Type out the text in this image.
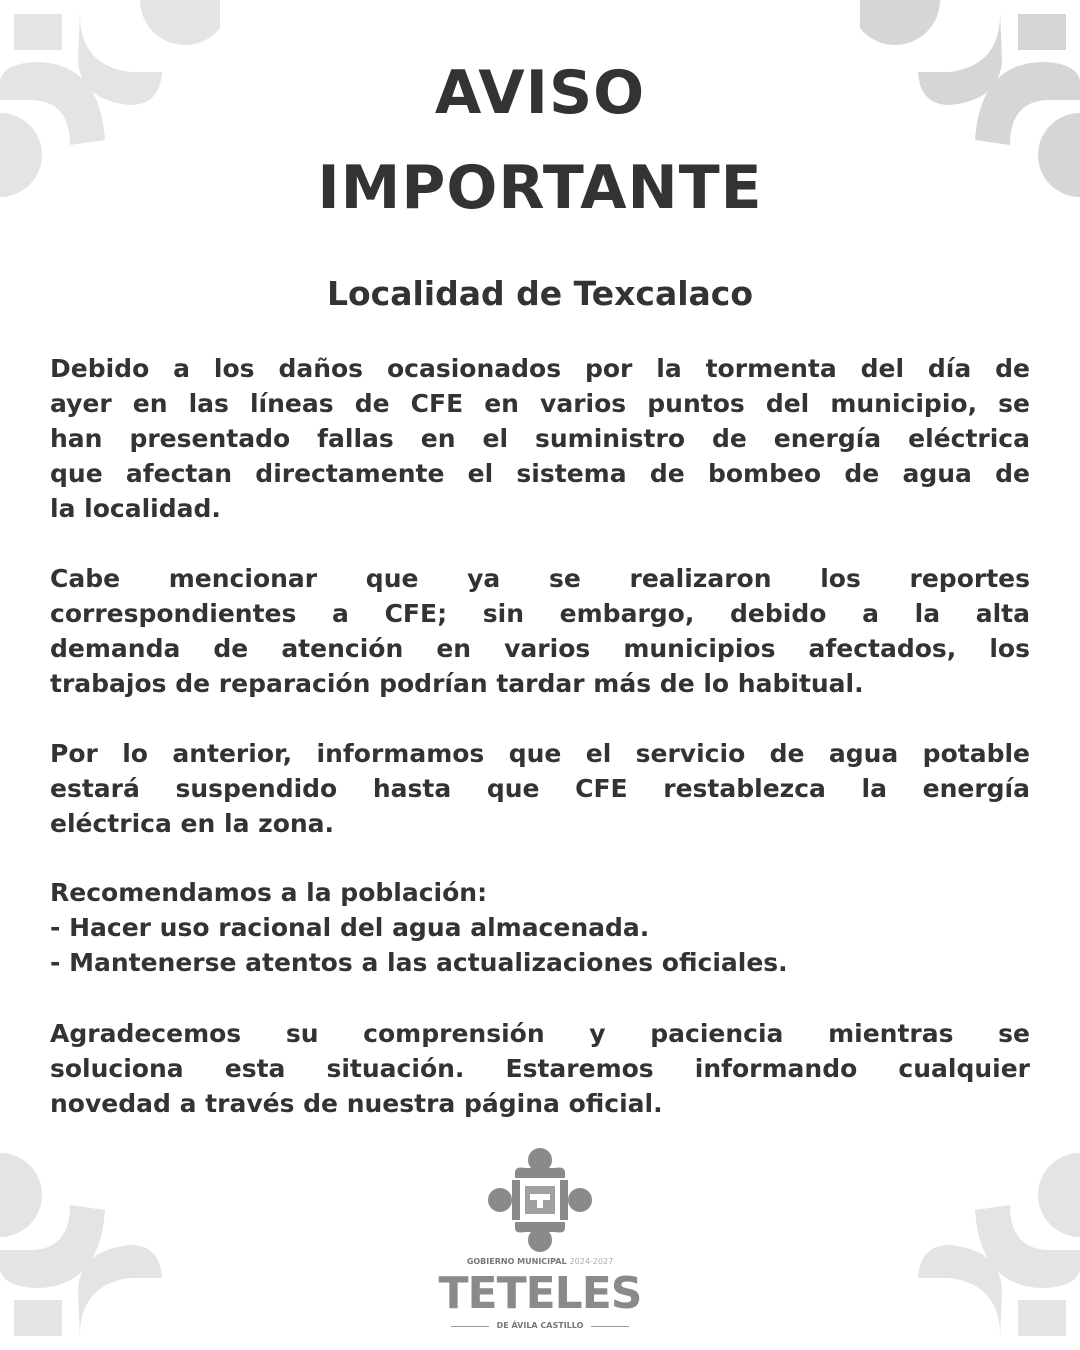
AVISO
IMPORTANTE
Localidad de Texcalaco
Debido a los daños ocasionados por la tormenta del día de
ayer en las líneas de CFE en varios puntos del municipio, se
han presentado fallas en el suministro de energía eléctrica
que afectan directamente el sistema de bombeo de agua de
la localidad.
Cabe mencionar que ya se realizaron los reportes
correspondientes a CFE; sin embargo, debido a la alta
demanda de atención en varios municipios afectados, los
trabajos de reparación podrían tardar más de lo habitual.
Por lo anterior, informamos que el servicio de agua potable
estará suspendido hasta que CFE restablezca la energía
eléctrica en la zona.
Recomendamos a la población:
- Hacer uso racional del agua almacenada.
- Mantenerse atentos a las actualizaciones oficiales.
Agradecemos su comprensión y paciencia mientras se
soluciona esta situación. Estaremos informando cualquier
novedad a través de nuestra página oficial.
GOBIERNO MUNICIPAL 2024-2027
TETELES
DE ÁVILA CASTILLO
